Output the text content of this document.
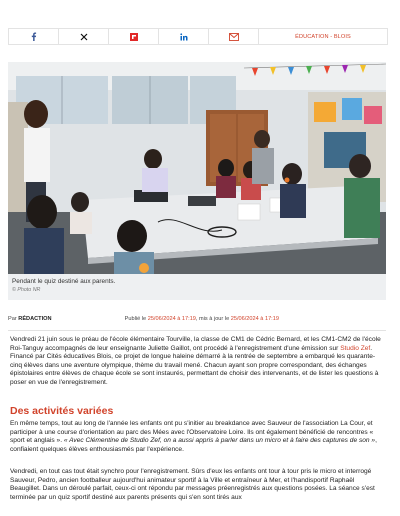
ÉDUCATION - BLOIS
Pendant le quiz destiné aux parents.
© Photo NR
Par RÉDACTION	Publié le 25/06/2024 à 17:19, mis à jour le 25/06/2024 à 17:19

Vendredi 21 juin sous le préau de l'école élémentaire Tourville, la classe de CM1 de Cédric Bernard, et les CM1-CM2 de l'école Roi-Tanguy accompagnés de leur enseignante Juliette Gaillot, ont procédé à l'enregistrement d'une émission sur Studio Zef. Financé par Cités éducatives Blois, ce projet de longue haleine démarré à la rentrée de septembre a embarqué les quarante-cinq élèves dans une aventure olympique, thème du travail mené. Chacun ayant son propre correspondant, des échanges épistolaires entre élèves de chaque école se sont instaurés, permettant de choisir des intervenants, et de lister les questions à poser en vue de l'enregistrement.

Des activités variées

En même temps, tout au long de l'année les enfants ont pu s'initier au breakdance avec Sauveur de l'association La Cour, et participer à une course d'orientation au parc des Mées avec l'Observatoire Loire. Ils ont également bénéficié de rencontres « sport et anglais ». « Avec Clémentine de Studio Zef, on a aussi appris à parler dans un micro et à faire des captures de son », confiaient quelques élèves enthousiasmés par l'expérience.

Vendredi, en tout cas tout était synchro pour l'enregistrement. Sûrs d'eux les enfants ont tour à tour pris le micro et interrogé Sauveur, Pedro, ancien footballeur aujourd'hui animateur sportif à la Ville et entraîneur à Mer, et l'handisportif Raphaël Beaugillet. Dans un déroulé parfait, ceux-ci ont répondu par messages préenregistrés aux questions posées. La séance s'est terminée par un quiz sportif destiné aux parents présents qui s'en sont tirés aux
